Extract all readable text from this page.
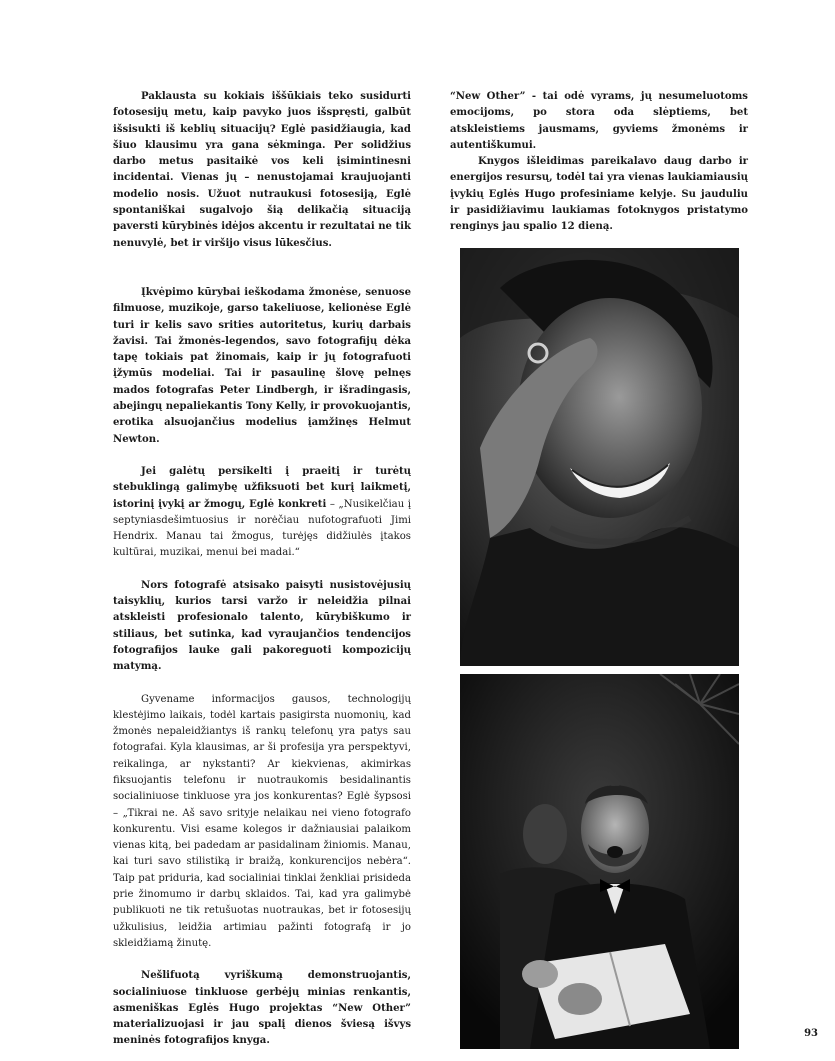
Paklausta su kokiais iššūkiais teko susidurti fotosesijų metu, kaip pavyko juos išspręsti, galbūt išsisukti iš keblių situacijų? Eglė pasidžiaugia, kad šiuo klausimu yra gana sėkminga. Per solidžius darbo metus pasitaikė vos keli įsimintinesni incidentai. Vienas jų – nenustojamai kraujuojanti modelio nosis. Užuot nutraukusi fotosesiją, Eglė spontaniškai sugalvojo šią delikačią situaciją paversti kūrybinės idėjos akcentu ir rezultatai ne tik nenuvylė, bet ir viršijo visus lūkesčius.

Įkvėpimo kūrybai ieškodama žmonėse, senuose filmuose, muzikoje, garso takeliuose, kelionėse Eglė turi ir kelis savo srities autoritetus, kurių darbais žavisi. Tai žmonės-legendos, savo fotografijų dėka tapę tokiais pat žinomais, kaip ir jų fotografuoti įžymūs modeliai. Tai ir pasaulinę šlovę pelnęs mados fotografas Peter Lindbergh, ir išradingasis, abejingų nepaliekantis Tony Kelly, ir provokuojantis, erotika alsuojančius modelius įamžinęs Helmut Newton.

Jei galėtų persikelti į praeitį ir turėtų stebuklingą galimybę užfiksuoti bet kurį laikmetį, istorinį įvykį ar žmogų, Eglė konkreti – „Nusikelčiau į septyniasdešimtuosius ir norėčiau nufotografuoti Jimi Hendrix. Manau tai žmogus, turėjęs didžiulės įtakos kultūrai, muzikai, menui bei madai.“

Nors fotografė atsisako paisyti nusistovėjusių taisyklių, kurios tarsi varžo ir neleidžia pilnai atskleisti profesionalo talento, kūrybiškumo ir stiliaus, bet sutinka, kad vyraujančios tendencijos fotografijos lauke gali pakoreguoti kompozicijų matymą.

Gyvename informacijos gausos, technologijų klestėjimo laikais, todėl kartais pasigirsta nuomonių, kad žmonės nepaleidžiantys iš rankų telefonų yra patys sau fotografai. Kyla klausimas, ar ši profesija yra perspektyvi, reikalinga, ar nykstanti? Ar kiekvienas, akimirkas fiksuojantis telefonu ir nuotraukomis besidalinantis socialiniuose tinkluose yra jos konkurentas? Eglė šypsosi – „Tikrai ne. Aš savo srityje nelaikau nei vieno fotografo konkurentu. Visi esame kolegos ir dažniausiai palaikom vienas kitą, bei padedam ar pasidalinam žiniomis. Manau, kai turi savo stilistiką ir braižą, konkurencijos nebėra“. Taip pat priduria, kad socialiniai tinklai ženkliai prisideda prie žinomumo ir darbų sklaidos. Tai, kad yra galimybė publikuoti ne tik retušuotas nuotraukas, bet ir fotosesijų užkulisius, leidžia artimiau pažinti fotografą ir jo skleidžiamą žinutę.

Nešlifuotą vyriškumą demonstruojantis, socialiniuose tinkluose gerbėjų minias renkantis, asmeniškas Eglės Hugo projektas “New Other” materializuojasi ir jau spalį dienos šviesą išvys meninės fotografijos knyga.

“New Other” - tai odė vyrams, jų nesumeluotoms emocijoms, po stora oda slėptiems, bet atskleistiems jausmams, gyviems žmonėms ir autentiškumui.

Knygos išleidimas pareikalavo daug darbo ir energijos resursų, todėl tai yra vienas laukiamiausių įvykių Eglės Hugo profesiniame kelyje. Su jauduliu ir pasidižiavimu laukiamas fotoknygos pristatymo renginys jau spalio 12 dieną.

93
